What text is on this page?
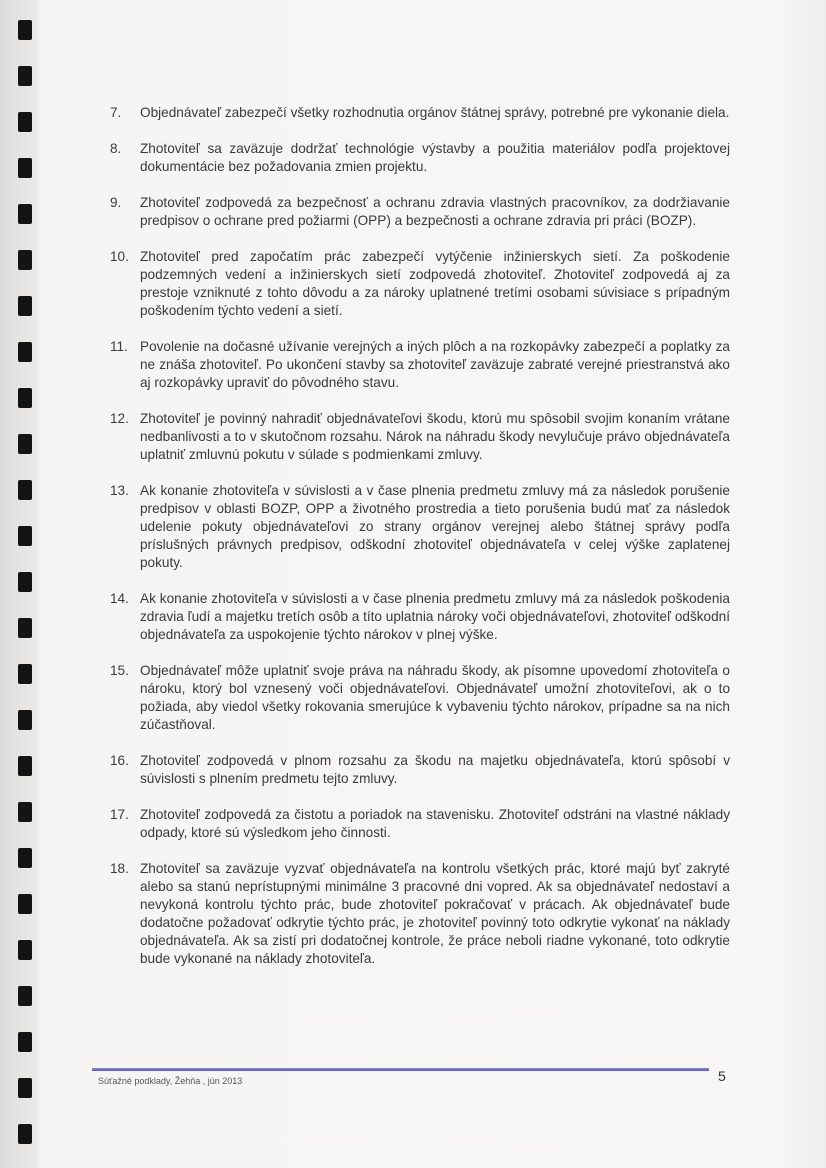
7.	Objednávateľ zabezpečí všetky rozhodnutia orgánov štátnej správy, potrebné pre vykonanie diela.
8.	Zhotoviteľ sa zaväzuje dodržať technológie výstavby a použitia materiálov podľa projektovej dokumentácie bez požadovania zmien projektu.
9.	Zhotoviteľ zodpovedá za bezpečnosť a ochranu zdravia vlastných pracovníkov, za dodržiavanie predpisov o ochrane pred požiarmi (OPP) a bezpečnosti a ochrane zdravia pri práci (BOZP).
10. Zhotoviteľ pred započatím prác zabezpečí vytýčenie inžinierskych sietí. Za poškodenie podzemných vedení a inžinierskych sietí zodpovedá zhotoviteľ. Zhotoviteľ zodpovedá aj za prestoje vzniknuté z tohto dôvodu a za nároky uplatnené tretími osobami súvisiace s prípadným poškodením týchto vedení a sietí.
11. Povolenie na dočasné užívanie verejných a iných plôch a na rozkopávky zabezpečí a poplatky za ne znáša zhotoviteľ. Po ukončení stavby sa zhotoviteľ zaväzuje zabraté verejné priestranstvá ako aj rozkopávky upraviť do pôvodného stavu.
12. Zhotoviteľ je povinný nahradiť objednávateľovi škodu, ktorú mu spôsobil svojim konaním vrátane nedbanlivosti a to v skutočnom rozsahu. Nárok na náhradu škody nevylučuje právo objednávateľa uplatniť zmluvnú pokutu v súlade s podmienkami zmluvy.
13. Ak konanie zhotoviteľa v súvislosti a v čase plnenia predmetu zmluvy má za následok porušenie predpisov v oblasti BOZP, OPP a životného prostredia a tieto porušenia budú mať za následok udelenie pokuty objednávateľovi zo strany orgánov verejnej alebo štátnej správy podľa príslušných právnych predpisov, odškodní zhotoviteľ objednávateľa v celej výške zaplatenej pokuty.
14. Ak konanie zhotoviteľa v súvislosti a v čase plnenia predmetu zmluvy má za následok poškodenia zdravia ľudí a majetku tretích osôb a títo uplatnia nároky voči objednávateľovi, zhotoviteľ odškodní objednávateľa za uspokojenie týchto nárokov v plnej výške.
15. Objednávateľ môže uplatniť svoje práva na náhradu škody, ak písomne upovedomí zhotoviteľa o nároku, ktorý bol vznesený voči objednávateľovi. Objednávateľ umožní zhotoviteľovi, ak o to požiada, aby viedol všetky rokovania smerujúce k vybaveniu týchto nárokov, prípadne sa na nich zúčastňoval.
16. Zhotoviteľ zodpovedá v plnom rozsahu za škodu na majetku objednávateľa, ktorú spôsobí v súvislosti s plnením predmetu tejto zmluvy.
17. Zhotoviteľ zodpovedá za čistotu a poriadok na stavenisku. Zhotoviteľ odstráni na vlastné náklady odpady, ktoré sú výsledkom jeho činnosti.
18. Zhotoviteľ sa zaväzuje vyzvať objednávateľa na kontrolu všetkých prác, ktoré majú byť zakryté alebo sa stanú neprístupnými minimálne 3 pracovné dni vopred. Ak sa objednávateľ nedostaví a nevykoná kontrolu týchto prác, bude zhotoviteľ pokračovať v prácach. Ak objednávateľ bude dodatočne požadovať odkrytie týchto prác, je zhotoviteľ povinný toto odkrytie vykonať na náklady objednávateľa. Ak sa zistí pri dodatočnej kontrole, že práce neboli riadne vykonané, toto odkrytie bude vykonané na náklady zhotoviteľa.
Súťažné podklady, Žehňa , jún 2013	5
